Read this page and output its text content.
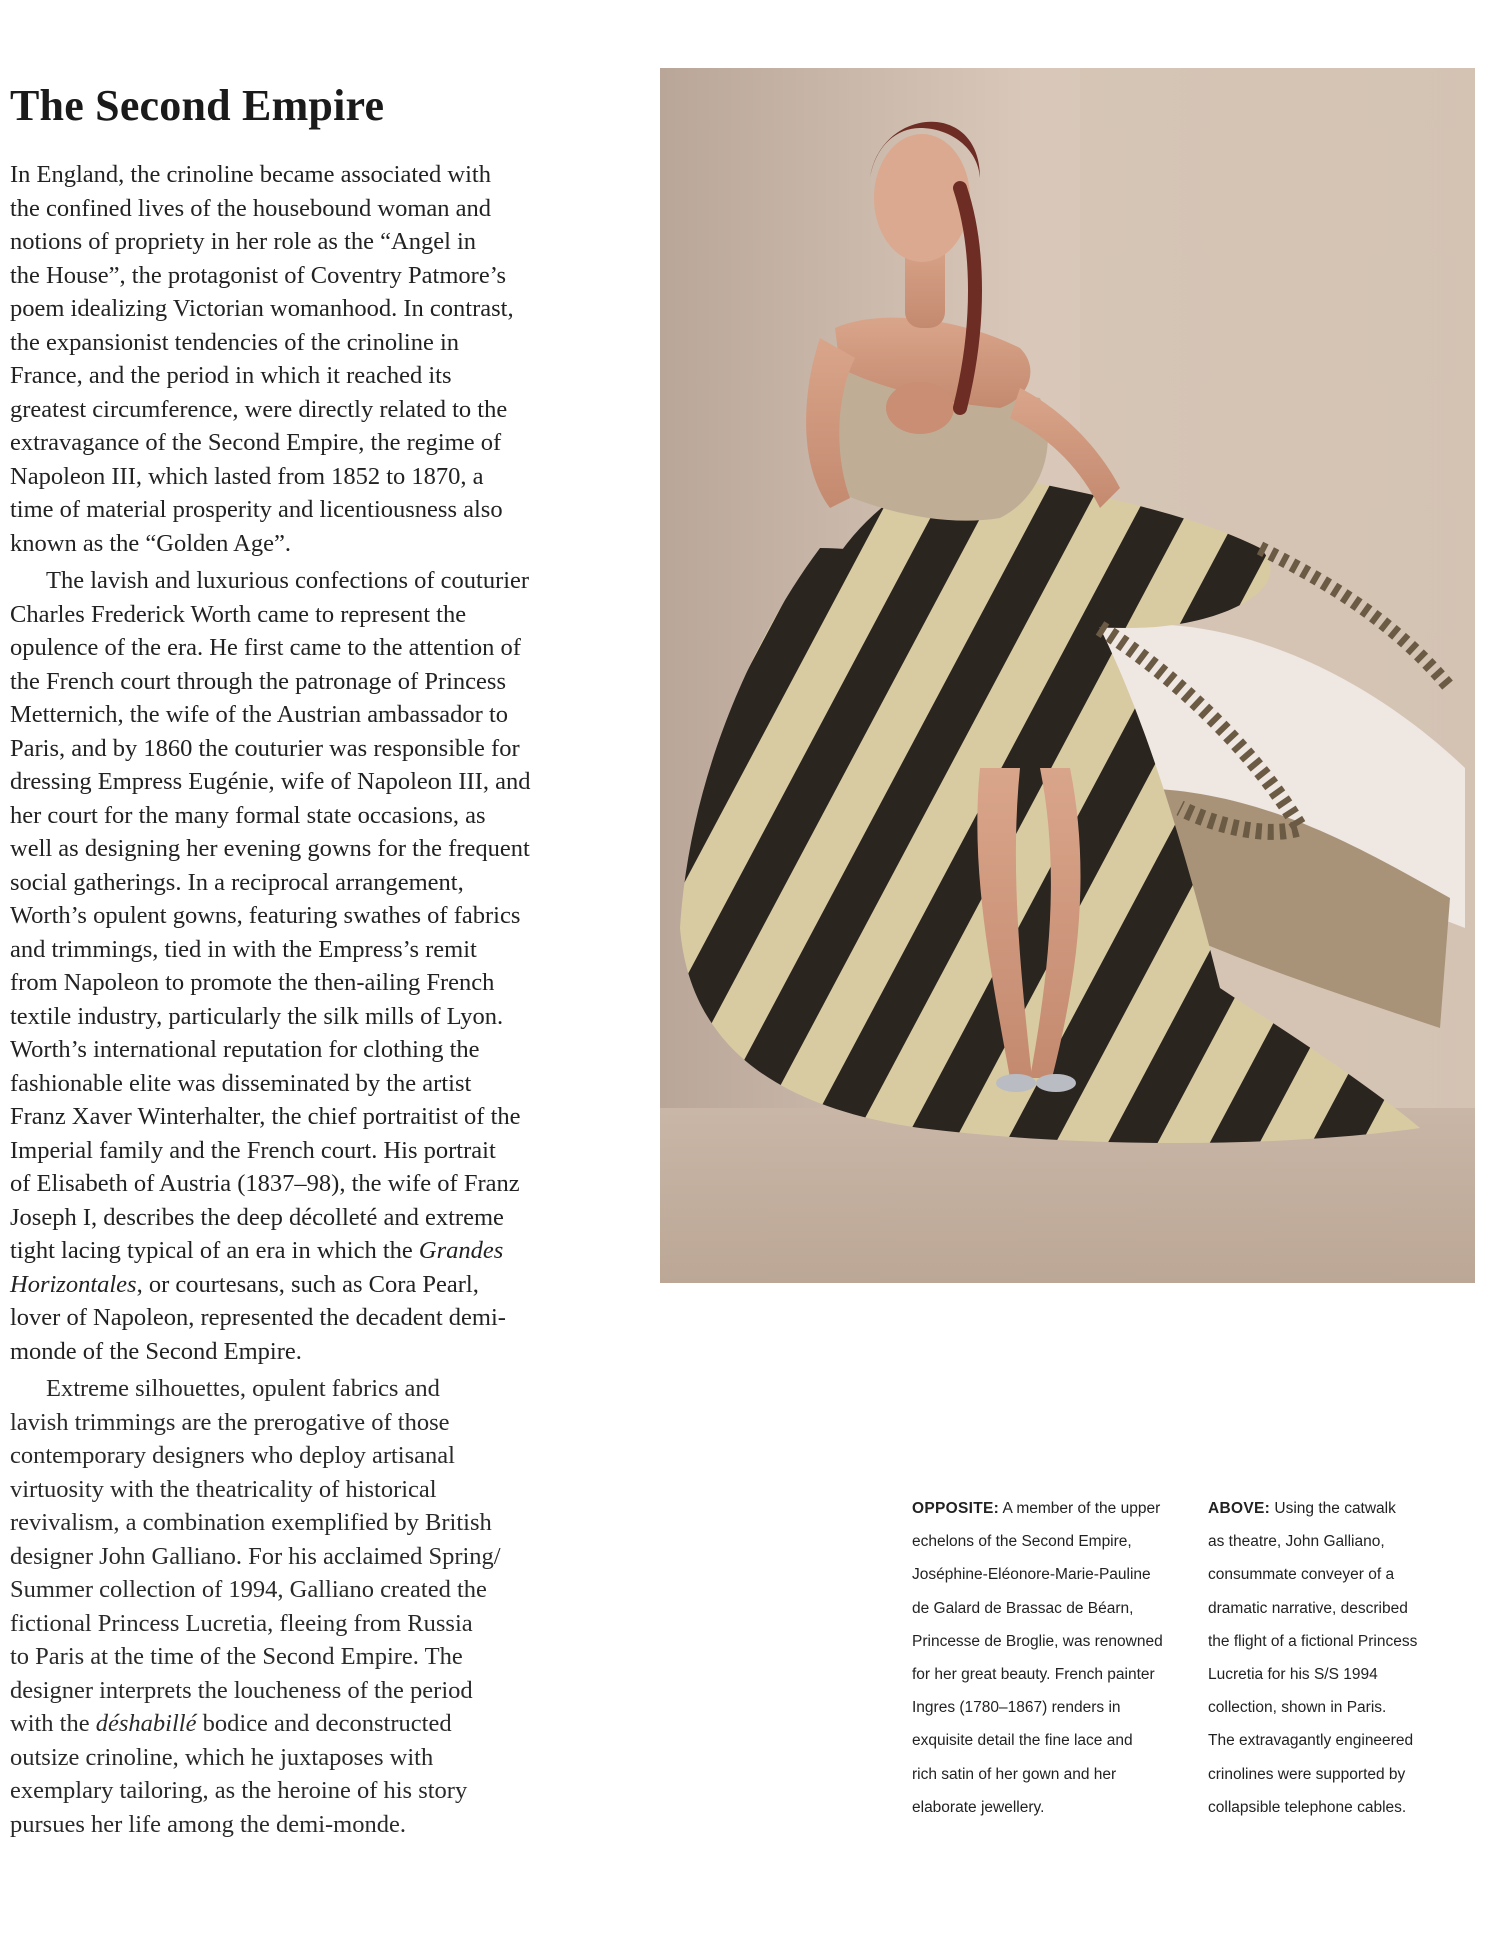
The Second Empire

In England, the crinoline became associated with
the confined lives of the housebound woman and
notions of propriety in her role as the “Angel in
the House”, the protagonist of Coventry Patmore’s
poem idealizing Victorian womanhood. In contrast,
the expansionist tendencies of the crinoline in
France, and the period in which it reached its
greatest circumference, were directly related to the
extravagance of the Second Empire, the regime of
Napoleon III, which lasted from 1852 to 1870, a
time of material prosperity and licentiousness also
known as the “Golden Age”.

The lavish and luxurious confections of couturier
Charles Frederick Worth came to represent the
opulence of the era. He first came to the attention of
the French court through the patronage of Princess
Metternich, the wife of the Austrian ambassador to
Paris, and by 1860 the couturier was responsible for
dressing Empress Eugénie, wife of Napoleon III, and
her court for the many formal state occasions, as
well as designing her evening gowns for the frequent
social gatherings. In a reciprocal arrangement,
Worth’s opulent gowns, featuring swathes of fabrics
and trimmings, tied in with the Empress’s remit
from Napoleon to promote the then-ailing French
textile industry, particularly the silk mills of Lyon.
Worth’s international reputation for clothing the
fashionable elite was disseminated by the artist
Franz Xaver Winterhalter, the chief portraitist of the
Imperial family and the French court. His portrait
of Elisabeth of Austria (1837–98), the wife of Franz
Joseph I, describes the deep décolleté and extreme
tight lacing typical of an era in which the Grandes
Horizontales, or courtesans, such as Cora Pearl,
lover of Napoleon, represented the decadent demi-
monde of the Second Empire.

Extreme silhouettes, opulent fabrics and
lavish trimmings are the prerogative of those
contemporary designers who deploy artisanal
virtuosity with the theatricality of historical
revivalism, a combination exemplified by British
designer John Galliano. For his acclaimed Spring/
Summer collection of 1994, Galliano created the
fictional Princess Lucretia, fleeing from Russia
to Paris at the time of the Second Empire. The
designer interprets the loucheness of the period
with the déshabillé bodice and deconstructed
outsize crinoline, which he juxtaposes with
exemplary tailoring, as the heroine of his story
pursues her life among the demi-monde.

OPPOSITE: A member of the upper
echelons of the Second Empire,
Joséphine-Eléonore-Marie-Pauline
de Galard de Brassac de Béarn,
Princesse de Broglie, was renowned
for her great beauty. French painter
Ingres (1780–1867) renders in
exquisite detail the fine lace and
rich satin of her gown and her
elaborate jewellery.
ABOVE: Using the catwalk
as theatre, John Galliano,
consummate conveyer of a
dramatic narrative, described
the flight of a fictional Princess
Lucretia for his S/S 1994
collection, shown in Paris.
The extravagantly engineered
crinolines were supported by
collapsible telephone cables.
